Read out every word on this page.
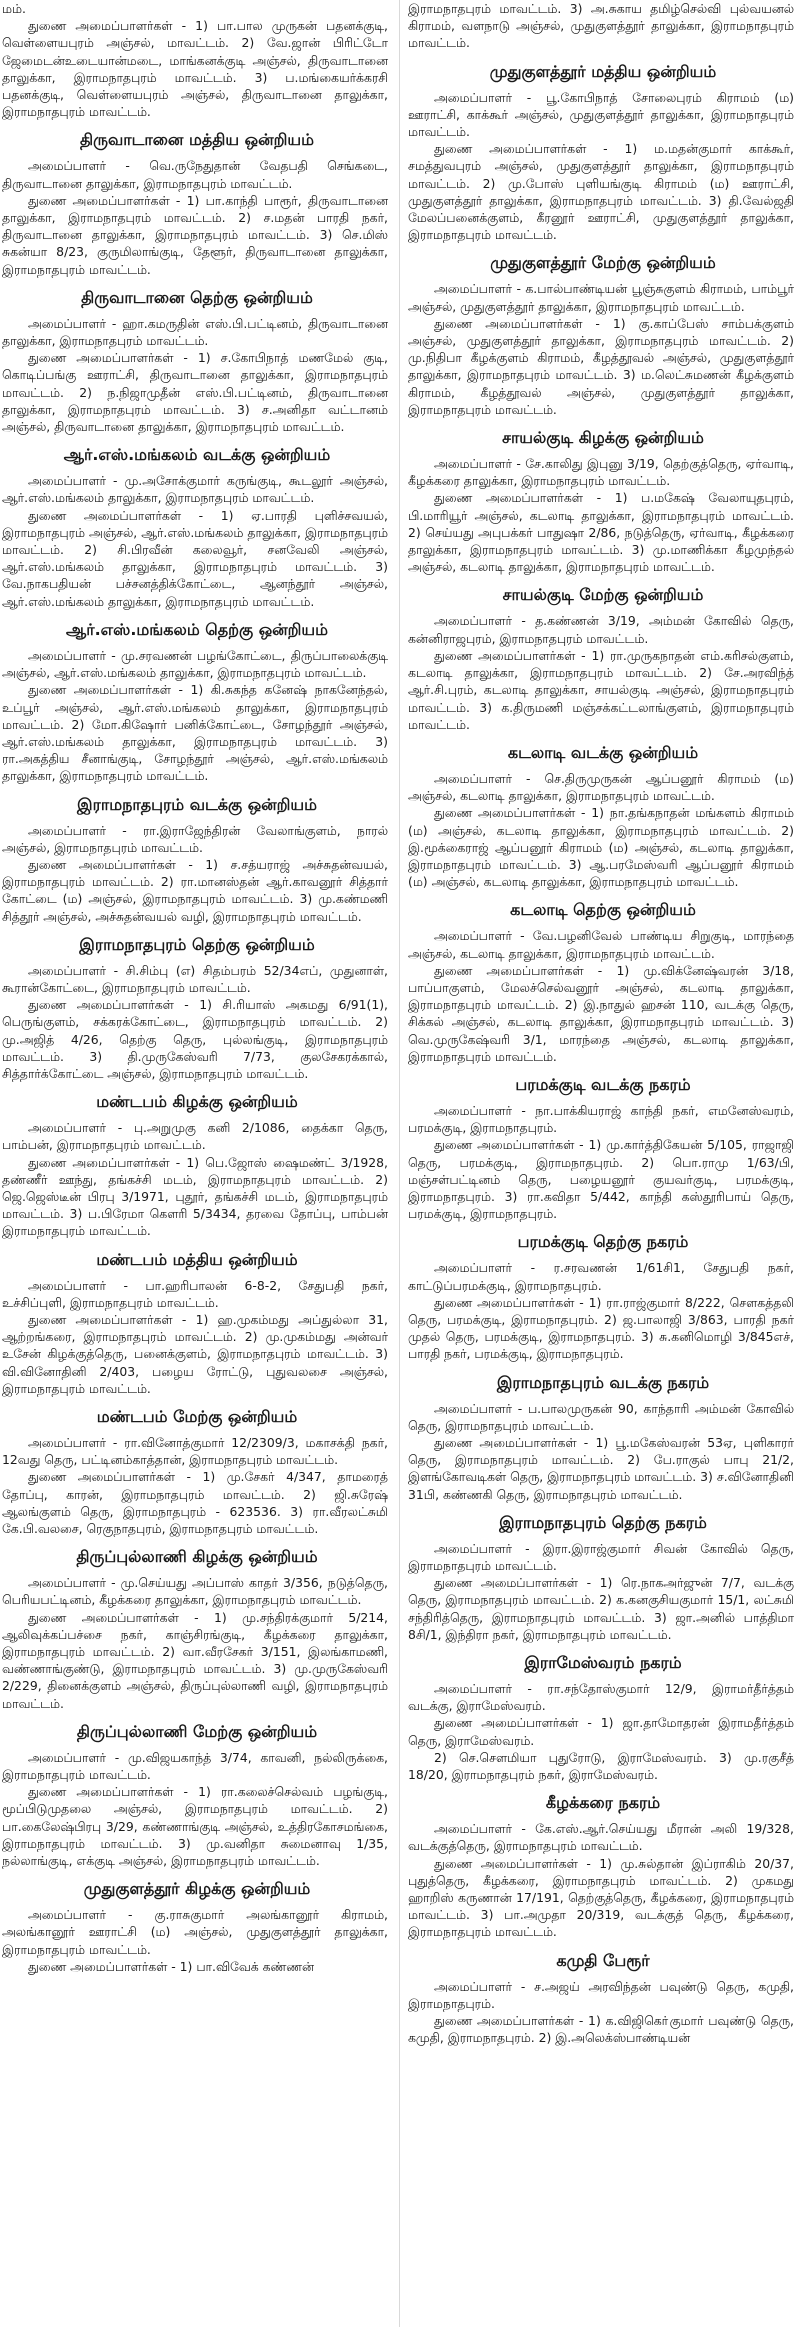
மம்.

துணை அமைப்பாளர்கள் - 1) பா.பால முருகன் பதனக்குடி, வெள்ளையபுரம் அஞ்சல், மாவட்டம். 2) வே.ஜான் பிரிட்டோ ஜேமைடன்உடையான்மடை, மாங்கனக்குடி அஞ்சல், திருவாடானை தாலுக்கா, இராமநாதபுரம் மாவட்டம். 3) ப.மங்கையர்க்கரசி பதனக்குடி, வெள்ளையபுரம் அஞ்சல், திருவாடானை தாலுக்கா, இராமநாதபுரம் மாவட்டம்.

திருவாடானை மத்திய ஒன்றியம்

அமைப்பாளர் - வெ.ருநேதுதான் வேதபதி செங்கடை, திருவாடானை தாலுக்கா, இராமநாதபுரம் மாவட்டம்.

துணை அமைப்பாளர்கள் - 1) பா.காந்தி பாரூர், திருவாடானை தாலுக்கா, இராமநாதபுரம் மாவட்டம். 2) ச.மதன் பாரதி நகர், திருவாடானை தாலுக்கா, இராமநாதபுரம் மாவட்டம். 3) செ.மிஸ் சுகன்யா 8/23, குருமிலாங்குடி, தேளூர், திருவாடானை தாலுக்கா, இராமநாதபுரம் மாவட்டம்.

திருவாடானை தெற்கு ஒன்றியம்

அமைப்பாளர் - ஹா.கமருதின் எஸ்.பி.பட்டினம், திருவாடானை தாலுக்கா, இராமநாதபுரம் மாவட்டம்.

துணை அமைப்பாளர்கள் - 1) ச.கோபிநாத் மணமேல் குடி, கொடிப்பங்கு ஊராட்சி, திருவாடானை தாலுக்கா, இராமநாதபுரம் மாவட்டம். 2) ந.நிஜாமுதீன் எஸ்.பி.பட்டினம், திருவாடானை தாலுக்கா, இராமநாதபுரம் மாவட்டம். 3) ச.அனிதா வட்டானம் அஞ்சல், திருவாடானை தாலுக்கா, இராமநாதபுரம் மாவட்டம்.

ஆர்.எஸ்.மங்கலம் வடக்கு ஒன்றியம்

அமைப்பாளர் - மு.அசோக்குமார் கருங்குடி, கூடலூர் அஞ்சல், ஆர்.எஸ்.மங்கலம் தாலுக்கா, இராமநாதபுரம் மாவட்டம்.

துணை அமைப்பாளர்கள் - 1) ஏ.பாரதி புளிச்சவயல், இராமநாதபுரம் அஞ்சல், ஆர்.எஸ்.மங்கலம் தாலுக்கா, இராமநாதபுரம் மாவட்டம். 2) சி.பிரவீன் கலைவூர், சனவேலி அஞ்சல், ஆர்.எஸ்.மங்கலம் தாலுக்கா, இராமநாதபுரம் மாவட்டம். 3) வே.நாகபதியன் பச்சனத்திக்கோட்டை, ஆனந்தூர் அஞ்சல், ஆர்.எஸ்.மங்கலம் தாலுக்கா, இராமநாதபுரம் மாவட்டம்.

ஆர்.எஸ்.மங்கலம் தெற்கு ஒன்றியம்

அமைப்பாளர் - மு.சரவணன் பழங்கோட்டை, திருப்பாலைக்குடி அஞ்சல், ஆர்.எஸ்.மங்கலம் தாலுக்கா, இராமநாதபுரம் மாவட்டம்.

துணை அமைப்பாளர்கள் - 1) கி.சுகந்த கனேஷ் நாகனேந்தல், உப்பூர் அஞ்சல், ஆர்.எஸ்.மங்கலம் தாலுக்கா, இராமநாதபுரம் மாவட்டம். 2) மோ.கிஷோர் பனிக்கோட்டை, சோழந்தூர் அஞ்சல், ஆர்.எஸ்.மங்கலம் தாலுக்கா, இராமநாதபுரம் மாவட்டம். 3) ரா.அகத்திய சீனாங்குடி, சோழந்தூர் அஞ்சல், ஆர்.எஸ்.மங்கலம் தாலுக்கா, இராமநாதபுரம் மாவட்டம்.

இராமநாதபுரம் வடக்கு ஒன்றியம்

அமைப்பாளர் - ரா.இராஜேந்திரன் வேலாங்குளம், நாரல் அஞ்சல், இராமநாதபுரம் மாவட்டம்.

துணை அமைப்பாளர்கள் - 1) ச.சத்யராஜ் அச்சுதன்வயல், இராமநாதபுரம் மாவட்டம். 2) ரா.மானஸ்தன் ஆர்.காவனூர் சித்தார் கோட்டை (ம) அஞ்சல், இராமநாதபுரம் மாவட்டம். 3) மு.கண்மணி சித்தூர் அஞ்சல், அச்சுதன்வயல் வழி, இராமநாதபுரம் மாவட்டம்.

இராமநாதபுரம் தெற்கு ஒன்றியம்

அமைப்பாளர் - சி.சிம்பு (எ) சிதம்பரம் 52/34எப், முதுனாள், கூரான்கோட்டை, இராமநாதபுரம் மாவட்டம்.

துணை அமைப்பாளர்கள் - 1) சி.ரியாஸ் அகமது 6/91(1), பெருங்குளம், சக்கரக்கோட்டை, இராமநாதபுரம் மாவட்டம். 2) மு.அஜித் 4/26, தெற்கு தெரு, புல்லங்குடி, இராமநாதபுரம் மாவட்டம். 3) தி.முருகேஸ்வரி 7/73, குலசேகரக்கால், சித்தார்க்கோட்டை அஞ்சல், இராமநாதபுரம் மாவட்டம்.

மண்டபம் கிழக்கு ஒன்றியம்

அமைப்பாளர் - பு.அறுமுகு கனி 2/1086, தைக்கா தெரு, பாம்பன், இராமநாதபுரம் மாவட்டம்.

துணை அமைப்பாளர்கள் - 1) பெ.ஜோஸ் ஷைமண்ட் 3/1928, தண்ணீர் ஊந்து, தங்கச்சி மடம், இராமநாதபுரம் மாவட்டம். 2) ஜெ.ஜெஸ்டீன் பிரபு 3/1971, புதூர், தங்கச்சி மடம், இராமநாதபுரம் மாவட்டம். 3) ப.பிரேமா கௌரி 5/3434, தரவை தோப்பு, பாம்பன் இராமநாதபுரம் மாவட்டம்.

மண்டபம் மத்திய ஒன்றியம்

அமைப்பாளர் - பா.ஹரிபாலன் 6-8-2, சேதுபதி நகர், உச்சிப்புளி, இராமநாதபுரம் மாவட்டம்.

துணை அமைப்பாளர்கள் - 1) ஹ.முகம்மது அப்துல்லா 31, ஆற்றங்கரை, இராமநாதபுரம் மாவட்டம். 2) மு.முகம்மது அன்வர் உசேன் கிழக்குத்தெரு, பனைக்குளம், இராமநாதபுரம் மாவட்டம். 3) வி.வினோதினி 2/403, பழைய ரோட்டு, புதுவலசை அஞ்சல், இராமநாதபுரம் மாவட்டம்.

மண்டபம் மேற்கு ஒன்றியம்

அமைப்பாளர் - ரா.வினோத்குமார் 12/2309/3, மகாசக்தி நகர், 12வது தெரு, பட்டினம்காத்தான், இராமநாதபுரம் மாவட்டம்.

துணை அமைப்பாளர்கள் - 1) மு.சேகர் 4/347, தாமரைத் தோப்பு, காரன், இராமநாதபுரம் மாவட்டம். 2) ஜி.சுரேஷ் ஆலங்குளம் தெரு, இராமநாதபுரம் - 623536. 3) ரா.வீரலட்சுமி கே.பி.வலசை, ரெகுநாதபுரம், இராமநாதபுரம் மாவட்டம்.

திருப்புல்லாணி கிழக்கு ஒன்றியம்

அமைப்பாளர் - மு.செய்யது அப்பாஸ் காதர் 3/356, நடுத்தெரு, பெரியபட்டினம், கீழக்கரை தாலுக்கா, இராமநாதபுரம் மாவட்டம்.

துணை அமைப்பாளர்கள் - 1) மு.சந்திரக்குமார் 5/214, ஆலிவுக்கப்பச்சை நகர், காஞ்சிரங்குடி, கீழக்கரை தாலுக்கா, இராமநாதபுரம் மாவட்டம். 2) வா.வீரசேகர் 3/151, இலங்காமணி, வண்ணாங்குண்டு, இராமநாதபுரம் மாவட்டம். 3) மு.முருகேஸ்வரி 2/229, தினைக்குளம் அஞ்சல், திருப்புல்லாணி வழி, இராமநாதபுரம் மாவட்டம்.

திருப்புல்லாணி மேற்கு ஒன்றியம்

அமைப்பாளர் - மு.விஜயகாந்த் 3/74, காவனி, நல்லிருக்கை, இராமநாதபுரம் மாவட்டம்.

துணை அமைப்பாளர்கள் - 1) ரா.கலைச்செல்வம் பழங்குடி, மூப்பிடுமுதலை அஞ்சல், இராமநாதபுரம் மாவட்டம். 2) பா.கைலேஷ்பிரபு 3/29, கண்ணாங்குடி அஞ்சல், உத்திரகோசமங்கை, இராமநாதபுரம் மாவட்டம். 3) மு.வனிதா சுமைனாவு 1/35, நல்லாங்குடி, எக்குடி அஞ்சல், இராமநாதபுரம் மாவட்டம்.

முதுகுளத்தூர் கிழக்கு ஒன்றியம்

அமைப்பாளர் - கு.ராசுகுமார் அலங்கானூர் கிராமம், அலங்கானூர் ஊராட்சி (ம) அஞ்சல், முதுகுளத்தூர் தாலுக்கா, இராமநாதபுரம் மாவட்டம்.

துணை அமைப்பாளர்கள் - 1) பா.விவேக் கண்ணன்

இராமநாதபுரம் மாவட்டம். 3) அ.சுகாய தமிழ்செல்வி புல்வயனல் கிராமம், வளநாடு அஞ்சல், முதுகுளத்தூர் தாலுக்கா, இராமநாதபுரம் மாவட்டம்.

முதுகுளத்தூர் மத்திய ஒன்றியம்

அமைப்பாளர் - பூ.கோபிநாத் சோலைபுரம் கிராமம் (ம) ஊராட்சி, காக்கூர் அஞ்சல், முதுகுளத்தூர் தாலுக்கா, இராமநாதபுரம் மாவட்டம்.

துணை அமைப்பாளர்கள் - 1) ம.மதன்குமார் காக்கூர், சமத்துவபுரம் அஞ்சல், முதுகுளத்தூர் தாலுக்கா, இராமநாதபுரம் மாவட்டம். 2) மு.போஸ் புளியங்குடி கிராமம் (ம) ஊராட்சி, முதுகுளத்தூர் தாலுக்கா, இராமநாதபுரம் மாவட்டம். 3) தி.வேல்ஜதி மேலப்பனைக்குளம், கீரனூர் ஊராட்சி, முதுகுளத்தூர் தாலுக்கா, இராமநாதபுரம் மாவட்டம்.

முதுகுளத்தூர் மேற்கு ஒன்றியம்

அமைப்பாளர் - க.பால்பாண்டியன் பூஞ்சுகுளம் கிராமம், பாம்பூர் அஞ்சல், முதுகுளத்தூர் தாலுக்கா, இராமநாதபுரம் மாவட்டம்.

துணை அமைப்பாளர்கள் - 1) கு.காப்பேஸ் சாம்பக்குளம் அஞ்சல், முதுகுளத்தூர் தாலுக்கா, இராமநாதபுரம் மாவட்டம். 2) மு.நிதிபா கீழக்குளம் கிராமம், கீழத்தூவல் அஞ்சல், முதுகுளத்தூர் தாலுக்கா, இராமநாதபுரம் மாவட்டம். 3) ம.லெட்சுமணன் கீழக்குளம் கிராமம், கீழத்தூவல் அஞ்சல், முதுகுளத்தூர் தாலுக்கா, இராமநாதபுரம் மாவட்டம்.

சாயல்குடி கிழக்கு ஒன்றியம்

அமைப்பாளர் - சே.காலிது இபுனு 3/19, தெற்குத்தெரு, ஏர்வாடி, கீழக்கரை தாலுக்கா, இராமநாதபுரம் மாவட்டம்.

துணை அமைப்பாளர்கள் - 1) ப.மகேஷ் வேலாயுதபுரம், பி.மாரியூர் அஞ்சல், கடலாடி தாலுக்கா, இராமநாதபுரம் மாவட்டம். 2) செய்யது அபுபக்கர் பாதுஷா 2/86, நடுத்தெரு, ஏர்வாடி, கீழக்கரை தாலுக்கா, இராமநாதபுரம் மாவட்டம். 3) மு.மாணிக்கா கீழமுந்தல் அஞ்சல், கடலாடி தாலுக்கா, இராமநாதபுரம் மாவட்டம்.

சாயல்குடி மேற்கு ஒன்றியம்

அமைப்பாளர் - த.கண்ணன் 3/19, அம்மன் கோவில் தெரு, கன்னிராஜபுரம், இராமநாதபுரம் மாவட்டம்.

துணை அமைப்பாளர்கள் - 1) ரா.முருகநாதன் எம்.கரிசல்குளம், கடலாடி தாலுக்கா, இராமநாதபுரம் மாவட்டம். 2) சே.அரவிந்த் ஆர்.சி.புரம், கடலாடி தாலுக்கா, சாயல்குடி அஞ்சல், இராமநாதபுரம் மாவட்டம். 3) க.திருமணி மஞ்சக்கட்டலாங்குளம், இராமநாதபுரம் மாவட்டம்.

கடலாடி வடக்கு ஒன்றியம்

அமைப்பாளர் - செ.திருமுருகன் ஆப்பனூர் கிராமம் (ம) அஞ்சல், கடலாடி தாலுக்கா, இராமநாதபுரம் மாவட்டம்.

துணை அமைப்பாளர்கள் - 1) நா.தங்கநாதன் மங்களம் கிராமம் (ம) அஞ்சல், கடலாடி தாலுக்கா, இராமநாதபுரம் மாவட்டம். 2) இ.மூக்கைராஜ் ஆப்பனூர் கிராமம் (ம) அஞ்சல், கடலாடி தாலுக்கா, இராமநாதபுரம் மாவட்டம். 3) ஆ.பரமேஸ்வரி ஆப்பனூர் கிராமம் (ம) அஞ்சல், கடலாடி தாலுக்கா, இராமநாதபுரம் மாவட்டம்.

கடலாடி தெற்கு ஒன்றியம்

அமைப்பாளர் - வே.பழனிவேல் பாண்டிய சிறுகுடி, மாரந்தை அஞ்சல், கடலாடி தாலுக்கா, இராமநாதபுரம் மாவட்டம்.

துணை அமைப்பாளர்கள் - 1) மு.விக்னேஷ்வரன் 3/18, பாப்பாகுளம், மேலச்செல்வனூர் அஞ்சல், கடலாடி தாலுக்கா, இராமநாதபுரம் மாவட்டம். 2) இ.நாதுல் ஹசன் 110, வடக்கு தெரு, சிக்கல் அஞ்சல், கடலாடி தாலுக்கா, இராமநாதபுரம் மாவட்டம். 3) வெ.முருகேஷ்வரி 3/1, மாரந்தை அஞ்சல், கடலாடி தாலுக்கா, இராமநாதபுரம் மாவட்டம்.

பரமக்குடி வடக்கு நகரம்

அமைப்பாளர் - நா.பாக்கியராஜ் காந்தி நகர், எமனேஸ்வரம், பரமக்குடி, இராமநாதபுரம்.

துணை அமைப்பாளர்கள் - 1) மு.கார்த்திகேயன் 5/105, ராஜாஜி தெரு, பரமக்குடி, இராமநாதபுரம். 2) பொ.ராமு 1/63/பி, மஞ்சள்பட்டினம் தெரு, பழையனூர் குயவர்குடி, பரமக்குடி, இராமநாதபுரம். 3) ரா.கவிதா 5/442, காந்தி கஸ்தூரிபாய் தெரு, பரமக்குடி, இராமநாதபுரம்.

பரமக்குடி தெற்கு நகரம்

அமைப்பாளர் - ர.சரவணன் 1/61சி1, சேதுபதி நகர், காட்டுப்பரமக்குடி, இராமநாதபுரம்.

துணை அமைப்பாளர்கள் - 1) ரா.ராஜ்குமார் 8/222, சௌகத்தலி தெரு, பரமக்குடி, இராமநாதபுரம். 2) ஜ.பாலாஜி 3/863, பாரதி நகர் முதல் தெரு, பரமக்குடி, இராமநாதபுரம். 3) சு.கனிமொழி 3/845எச், பாரதி நகர், பரமக்குடி, இராமநாதபுரம்.

இராமநாதபுரம் வடக்கு நகரம்

அமைப்பாளர் - ப.பாலமுருகன் 90, காந்தாரி அம்மன் கோவில் தெரு, இராமநாதபுரம் மாவட்டம்.

துணை அமைப்பாளர்கள் - 1) பூ.மகேஸ்வரன் 53ஏ, புளிகாரர் தெரு, இராமநாதபுரம் மாவட்டம். 2) பே.ராகுல் பாபு 21/2, இளங்கோவடிகள் தெரு, இராமநாதபுரம் மாவட்டம். 3) ச.வினோதினி 31பி, கண்ணகி தெரு, இராமநாதபுரம் மாவட்டம்.

இராமநாதபுரம் தெற்கு நகரம்

அமைப்பாளர் - இரா.இராஜ்குமார் சிவன் கோவில் தெரு, இராமநாதபுரம் மாவட்டம்.

துணை அமைப்பாளர்கள் - 1) ரெ.நாகஅர்ஜுன் 7/7, வடக்கு தெரு, இராமநாதபுரம் மாவட்டம். 2) க.கனகுசியகுமார் 15/1, லட்சுமி சந்திரித்தெரு, இராமநாதபுரம் மாவட்டம். 3) ஜா.அனில் பாத்திமா 8சி/1, இந்திரா நகர், இராமநாதபுரம் மாவட்டம்.

இராமேஸ்வரம் நகரம்

அமைப்பாளர் - ரா.சந்தோஸ்குமார் 12/9, இராமர்தீர்த்தம் வடக்கு, இராமேஸ்வரம்.

துணை அமைப்பாளர்கள் - 1) ஜா.தாமோதரன் இராமதீர்த்தம் தெரு, இராமேஸ்வரம்.

2) செ.சௌமியா புதுரோடு, இராமேஸ்வரம். 3) மு.ரகுசீத் 18/20, இராமநாதபுரம் நகர், இராமேஸ்வரம்.

கீழக்கரை நகரம்

அமைப்பாளர் - கே.எஸ்.ஆர்.செய்யது மீரான் அலி 19/328, வடக்குத்தெரு, இராமநாதபுரம் மாவட்டம்.

துணை அமைப்பாளர்கள் - 1) மு.சுல்தான் இப்ராகிம் 20/37, புதுத்தெரு, கீழக்கரை, இராமநாதபுரம் மாவட்டம். 2) முகமது ஹாறிஸ் கருணான் 17/191, தெற்குத்தெரு, கீழக்கரை, இராமநாதபுரம் மாவட்டம். 3) பா.அமுதா 20/319, வடக்குத் தெரு, கீழக்கரை, இராமநாதபுரம் மாவட்டம்.

கமுதி பேரூர்

அமைப்பாளர் - ச.அஜய் அரவிந்தன் பவுண்டு தெரு, கமுதி, இராமநாதபுரம்.

துணை அமைப்பாளர்கள் - 1) க.விஜிகொ்குமார் பவுண்டு தெரு, கமுதி, இராமநாதபுரம். 2) இ.அலெக்ஸ்பாண்டியன்
